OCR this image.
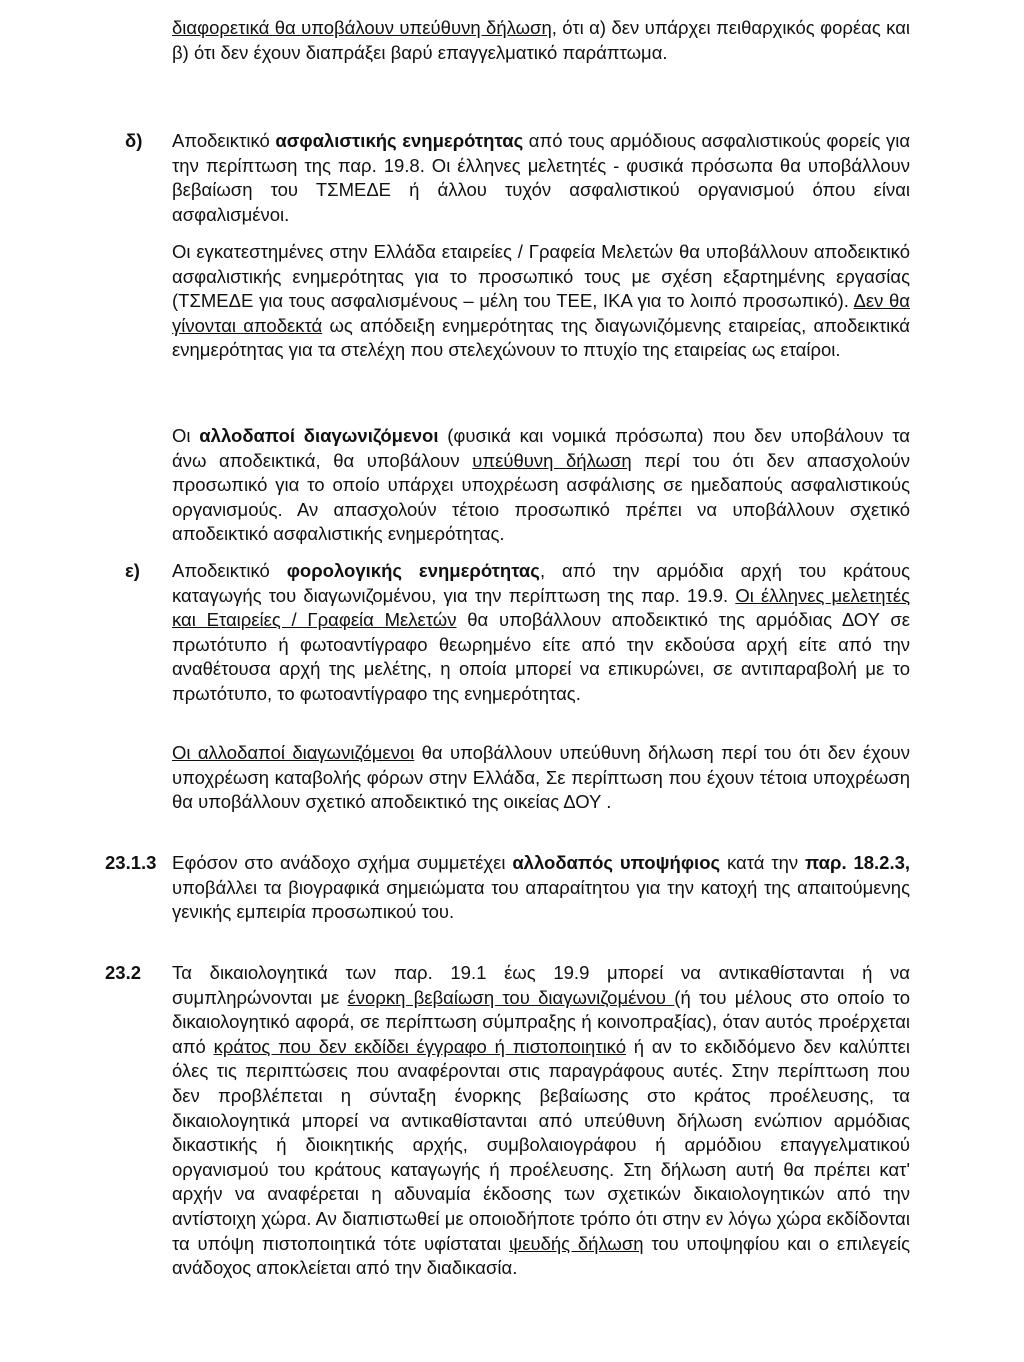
διαφορετικά θα υποβάλουν υπεύθυνη δήλωση, ότι α) δεν υπάρχει πειθαρχικός φορέας και β) ότι δεν έχουν διαπράξει βαρύ επαγγελματικό παράπτωμα.

δ) Αποδεικτικό ασφαλιστικής ενημερότητας από τους αρμόδιους ασφαλιστικούς φορείς για την περίπτωση της παρ. 19.8. Οι έλληνες μελετητές - φυσικά πρόσωπα θα υποβάλλουν βεβαίωση του ΤΣΜΕΔΕ ή άλλου τυχόν ασφαλιστικού οργανισμού όπου είναι ασφαλισμένοι.

Οι εγκατεστημένες στην Ελλάδα εταιρείες / Γραφεία Μελετών θα υποβάλλουν αποδεικτικό ασφαλιστικής ενημερότητας για το προσωπικό τους με σχέση εξαρτημένης εργασίας (ΤΣΜΕΔΕ για τους ασφαλισμένους – μέλη του ΤΕΕ, ΙΚΑ για το λοιπό προσωπικό). Δεν θα γίνονται αποδεκτά ως απόδειξη ενημερότητας της διαγωνιζόμενης εταιρείας, αποδεικτικά ενημερότητας για τα στελέχη που στελεχώνουν το πτυχίο της εταιρείας ως εταίροι.

Οι αλλοδαποί διαγωνιζόμενοι (φυσικά και νομικά πρόσωπα) που δεν υποβάλουν τα άνω αποδεικτικά, θα υποβάλουν υπεύθυνη δήλωση περί του ότι δεν απασχολούν προσωπικό για το οποίο υπάρχει υποχρέωση ασφάλισης σε ημεδαπούς ασφαλιστικούς οργανισμούς. Αν απασχολούν τέτοιο προσωπικό πρέπει να υποβάλλουν σχετικό αποδεικτικό ασφαλιστικής ενημερότητας.

ε) Αποδεικτικό φορολογικής ενημερότητας, από την αρμόδια αρχή του κράτους καταγωγής του διαγωνιζομένου, για την περίπτωση της παρ. 19.9. Οι έλληνες μελετητές και Εταιρείες / Γραφεία Μελετών θα υποβάλλουν αποδεικτικό της αρμόδιας ΔΟΥ σε πρωτότυπο ή φωτοαντίγραφο θεωρημένο είτε από την εκδούσα αρχή είτε από την αναθέτουσα αρχή της μελέτης, η οποία μπορεί να επικυρώνει, σε αντιπαραβολή με το πρωτότυπο, το φωτοαντίγραφο της ενημερότητας.

Οι αλλοδαποί διαγωνιζόμενοι θα υποβάλλουν υπεύθυνη δήλωση περί του ότι δεν έχουν υποχρέωση καταβολής φόρων στην Ελλάδα, Σε περίπτωση που έχουν τέτοια υποχρέωση θα υποβάλλουν σχετικό αποδεικτικό της οικείας ΔΟΥ .

23.1.3 Εφόσον στο ανάδοχο σχήμα συμμετέχει αλλοδαπός υποψήφιος κατά την παρ. 18.2.3, υποβάλλει τα βιογραφικά σημειώματα του απαραίτητου για την κατοχή της απαιτούμενης γενικής εμπειρία προσωπικού του.

23.2 Τα δικαιολογητικά των παρ. 19.1 έως 19.9 μπορεί να αντικαθίστανται ή να συμπληρώνονται με ένορκη βεβαίωση του διαγωνιζομένου (ή του μέλους στο οποίο το δικαιολογητικό αφορά, σε περίπτωση σύμπραξης ή κοινοπραξίας), όταν αυτός προέρχεται από κράτος που δεν εκδίδει έγγραφο ή πιστοποιητικό ή αν το εκδιδόμενο δεν καλύπτει όλες τις περιπτώσεις που αναφέρονται στις παραγράφους αυτές. Στην περίπτωση που δεν προβλέπεται η σύνταξη ένορκης βεβαίωσης στο κράτος προέλευσης, τα δικαιολογητικά μπορεί να αντικαθίστανται από υπεύθυνη δήλωση ενώπιον αρμόδιας δικαστικής ή διοικητικής αρχής, συμβολαιογράφου ή αρμόδιου επαγγελματικού οργανισμού του κράτους καταγωγής ή προέλευσης. Στη δήλωση αυτή θα πρέπει κατ' αρχήν να αναφέρεται η αδυναμία έκδοσης των σχετικών δικαιολογητικών από την αντίστοιχη χώρα. Αν διαπιστωθεί με οποιοδήποτε τρόπο ότι στην εν λόγω χώρα εκδίδονται τα υπόψη πιστοποιητικά τότε υφίσταται ψευδής δήλωση του υποψηφίου και ο επιλεγείς ανάδοχος αποκλείεται από την διαδικασία.
